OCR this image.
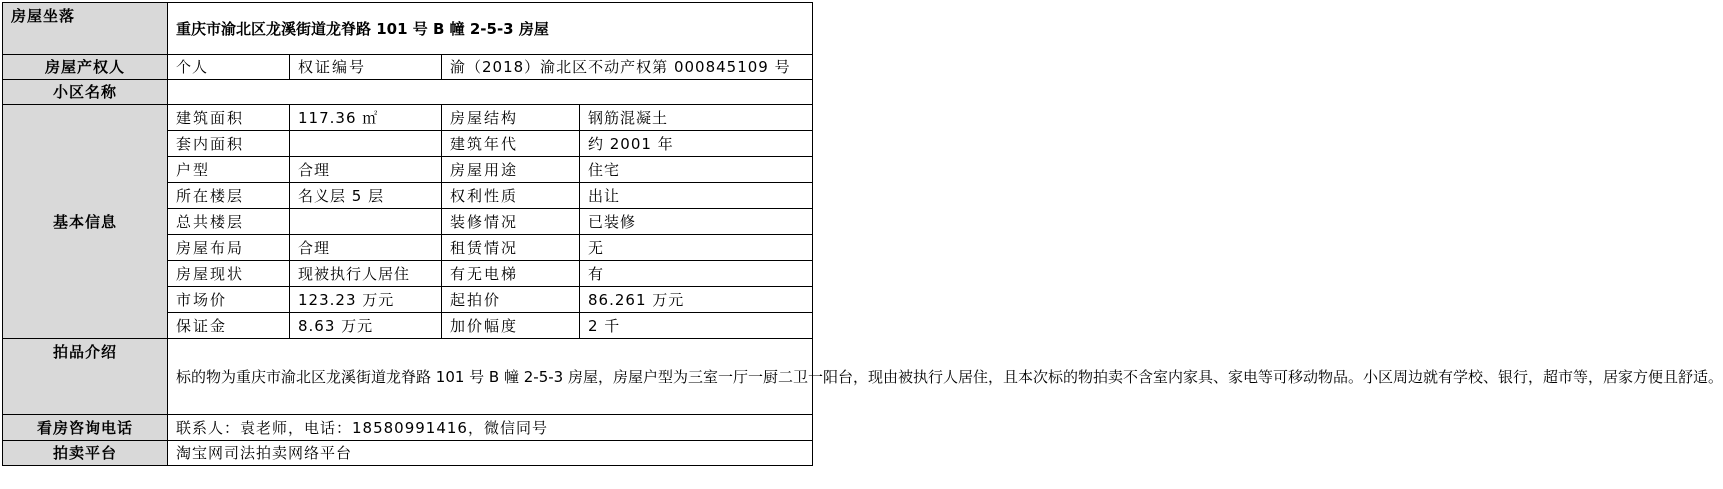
房屋坐落	重庆市渝北区龙溪街道龙脊路 101 号 B 幢 2-5-3 房屋			
房屋产权人	个人	权证编号	渝（2018）渝北区不动产权第 000845109 号	
小区名称				
基本信息	建筑面积	117.36 ㎡	房屋结构	钢筋混凝土
	套内面积		建筑年代	约 2001 年
	户型	合理	房屋用途	住宅
	所在楼层	名义层 5 层	权利性质	出让
	总共楼层		装修情况	已装修
	房屋布局	合理	租赁情况	无
	房屋现状	现被执行人居住	有无电梯	有
	市场价	123.23 万元	起拍价	86.261 万元
	保证金	8.63 万元	加价幅度	2 千
拍品介绍	标的物为重庆市渝北区龙溪街道龙脊路 101 号 B 幢 2-5-3 房屋，房屋户型为三室一厅一厨二卫一阳台，现由被执行人居住，且本次标的物拍卖不含室内家具、家电等可移动物品。小区周边就有学校、银行，超市等，居家方便且舒适。			
看房咨询电话	联系人：袁老师，电话：18580991416，微信同号			
拍卖平台	淘宝网司法拍卖网络平台			
